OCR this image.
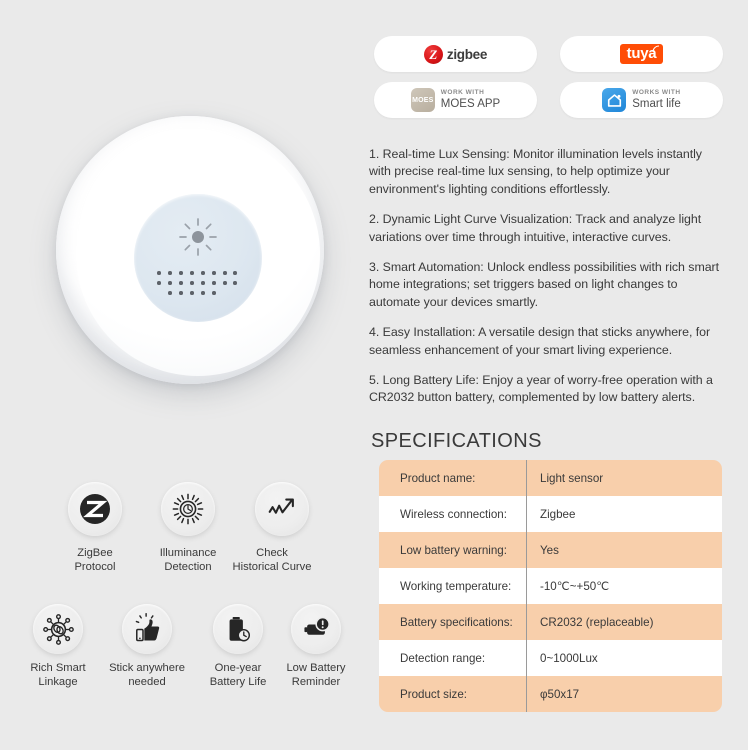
Z zigbee	tuya
MOES
WORK WITH
MOES APP
WORKS WITH
Smart life

1. Real-time Lux Sensing: Monitor illumination levels instantly with precise real-time lux sensing, to help optimize your environment's lighting conditions effortlessly.

2. Dynamic Light Curve Visualization: Track and analyze light variations over time through intuitive, interactive curves.

3. Smart Automation: Unlock endless possibilities with rich smart home integrations; set triggers based on light changes to automate your devices smartly.

4. Easy Installation: A versatile design that sticks anywhere, for seamless enhancement of your smart living experience.

5. Long Battery Life: Enjoy a year of worry-free operation with a CR2032 button battery, complemented by low battery alerts.

SPECIFICATIONS
Product name:	Light sensor
Wireless connection:	Zigbee
Low battery warning:	Yes
Working temperature:	-10℃~+50℃
Battery specifications:	CR2032 (replaceable)
Detection range:	0~1000Lux
Product size:	φ50x17
ZigBee
Protocol
Illuminance
Detection
Check
Historical Curve
Rich Smart
Linkage
Stick anywhere
needed
One-year
Battery Life
Low Battery
Reminder
